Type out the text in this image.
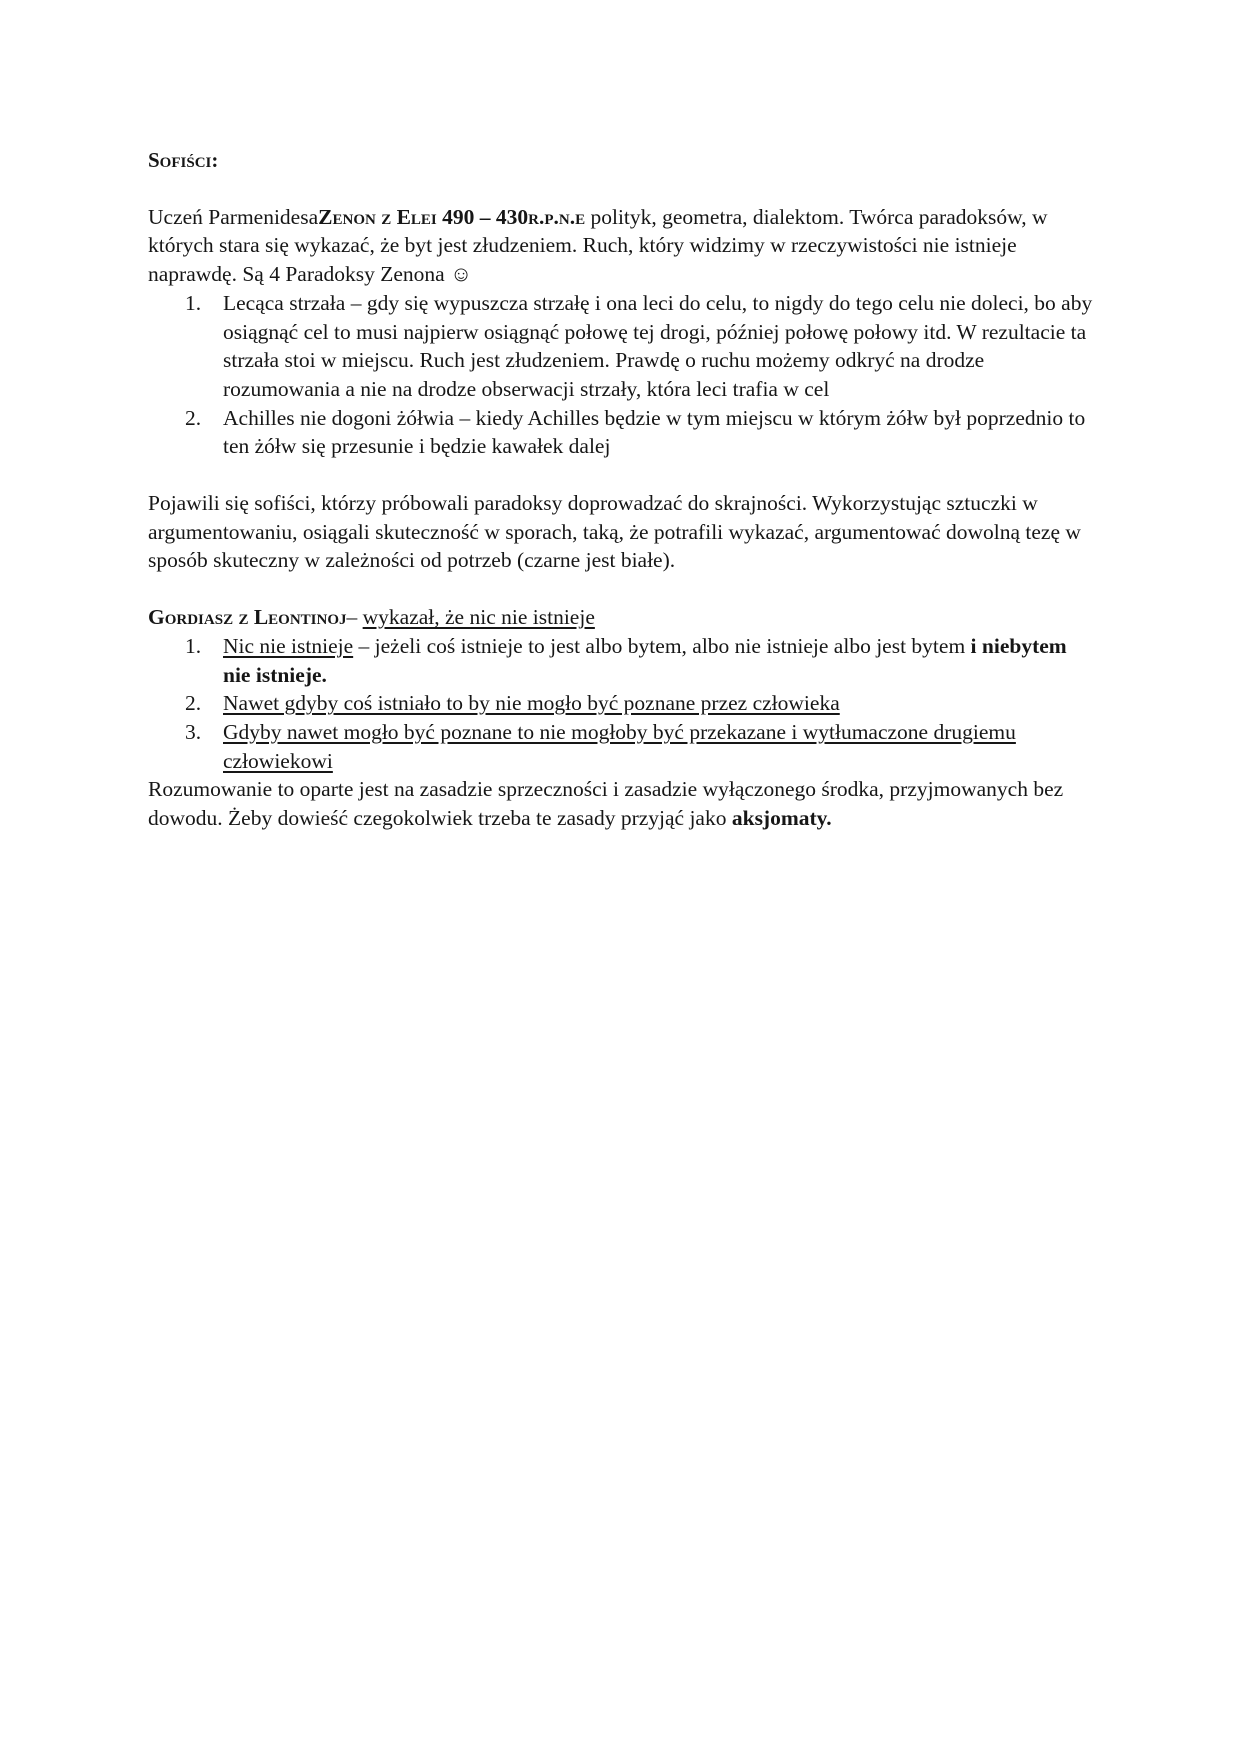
Sofiści:

Uczeń ParmenidesaZenon z Elei 490 – 430r.p.n.e polityk, geometra, dialektom. Twórca paradoksów, w których stara się wykazać, że byt jest złudzeniem. Ruch, który widzimy w rzeczywistości nie istnieje naprawdę. Są 4 Paradoksy Zenona ☺

1. Lecąca strzała – gdy się wypuszcza strzałę i ona leci do celu, to nigdy do tego celu nie doleci, bo aby osiągnąć cel to musi najpierw osiągnąć połowę tej drogi, później połowę połowy itd. W rezultacie ta strzała stoi w miejscu. Ruch jest złudzeniem. Prawdę o ruchu możemy odkryć na drodze rozumowania a nie na drodze obserwacji strzały, która leci trafia w cel
2. Achilles nie dogoni żółwia – kiedy Achilles będzie w tym miejscu w którym żółw był poprzednio to ten żółw się przesunie i będzie kawałek dalej

Pojawili się sofiści, którzy próbowali paradoksy doprowadzać do skrajności. Wykorzystując sztuczki w argumentowaniu, osiągali skuteczność w sporach, taką, że potrafili wykazać, argumentować dowolną tezę w sposób skuteczny w zależności od potrzeb (czarne jest białe).

Gordiasz z Leontinoj– wykazał, że nic nie istnieje

1. Nic nie istnieje – jeżeli coś istnieje to jest albo bytem, albo nie istnieje albo jest bytem i niebytem nie istnieje.
2. Nawet gdyby coś istniało to by nie mogło być poznane przez człowieka
3. Gdyby nawet mogło być poznane to nie mogłoby być przekazane i wytłumaczone drugiemu człowiekowi

Rozumowanie to oparte jest na zasadzie sprzeczności i zasadzie wyłączonego środka, przyjmowanych bez dowodu. Żeby dowieść czegokolwiek trzeba te zasady przyjąć jako aksjomaty.
